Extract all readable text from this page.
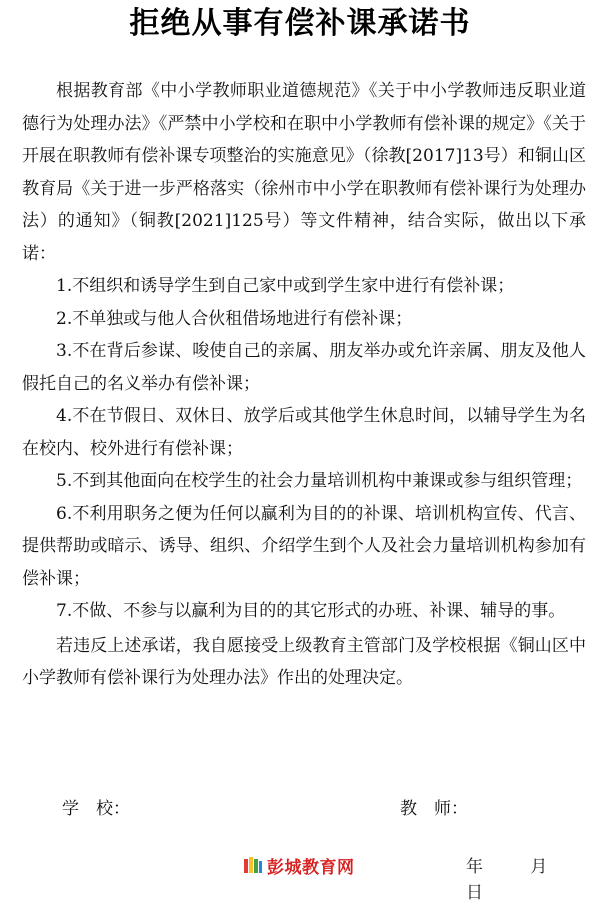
拒绝从事有偿补课承诺书

根据教育部《中小学教师职业道德规范》《关于中小学教师违反职业道德行为处理办法》《严禁中小学校和在职中小学教师有偿补课的规定》《关于开展在职教师有偿补课专项整治的实施意见》（徐教[2017]13号）和铜山区教育局《关于进一步严格落实（徐州市中小学在职教师有偿补课行为处理办法）的通知》（铜教[2021]125号）等文件精神，结合实际，做出以下承诺：

1.不组织和诱导学生到自己家中或到学生家中进行有偿补课；

2.不单独或与他人合伙租借场地进行有偿补课；

3.不在背后参谋、唆使自己的亲属、朋友举办或允许亲属、朋友及他人假托自己的名义举办有偿补课；

4.不在节假日、双休日、放学后或其他学生休息时间，以辅导学生为名在校内、校外进行有偿补课；

5.不到其他面向在校学生的社会力量培训机构中兼课或参与组织管理；

6.不利用职务之便为任何以赢利为目的的补课、培训机构宣传、代言、提供帮助或暗示、诱导、组织、介绍学生到个人及社会力量培训机构参加有偿补课；

7.不做、不参与以赢利为目的的其它形式的办班、补课、辅导的事。

若违反上述承诺，我自愿接受上级教育主管部门及学校根据《铜山区中小学教师有偿补课行为处理办法》作出的处理决定。

学　校：	教　师：
彭城教育网	年	月 日
